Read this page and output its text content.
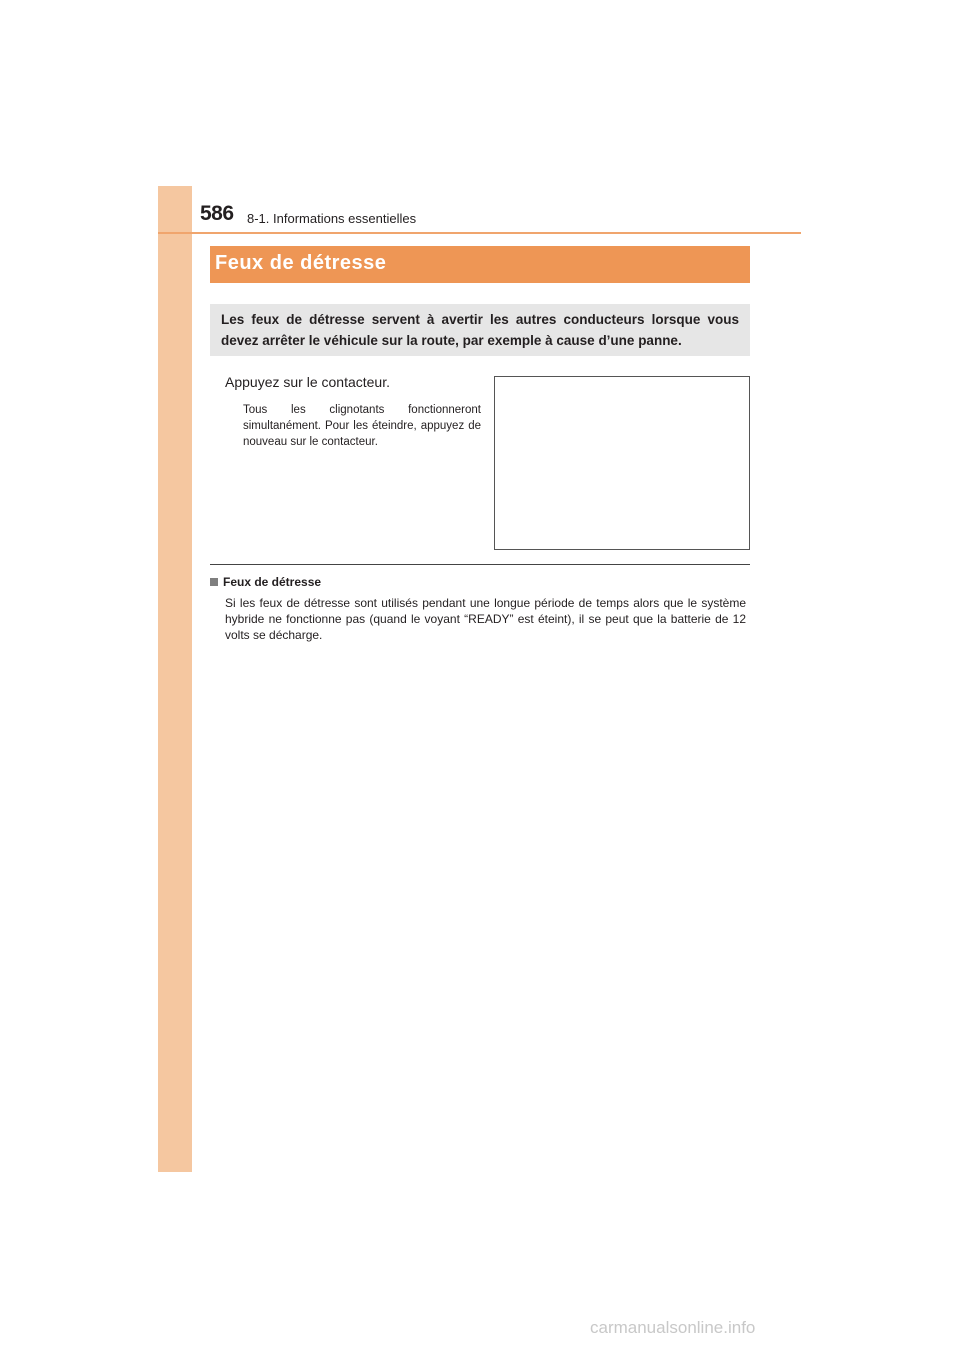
586 8-1. Informations essentielles
Feux de détresse

Les feux de détresse servent à avertir les autres conducteurs lorsque vous devez arrêter le véhicule sur la route, par exemple à cause d’une panne.

Appuyez sur le contacteur.

Tous les clignotants fonctionneront simultanément. Pour les éteindre, appuyez de nouveau sur le contacteur.

Feux de détresse

Si les feux de détresse sont utilisés pendant une longue période de temps alors que le système hybride ne fonctionne pas (quand le voyant “READY” est éteint), il se peut que la batterie de 12 volts se décharge.

carmanualsonline.info
